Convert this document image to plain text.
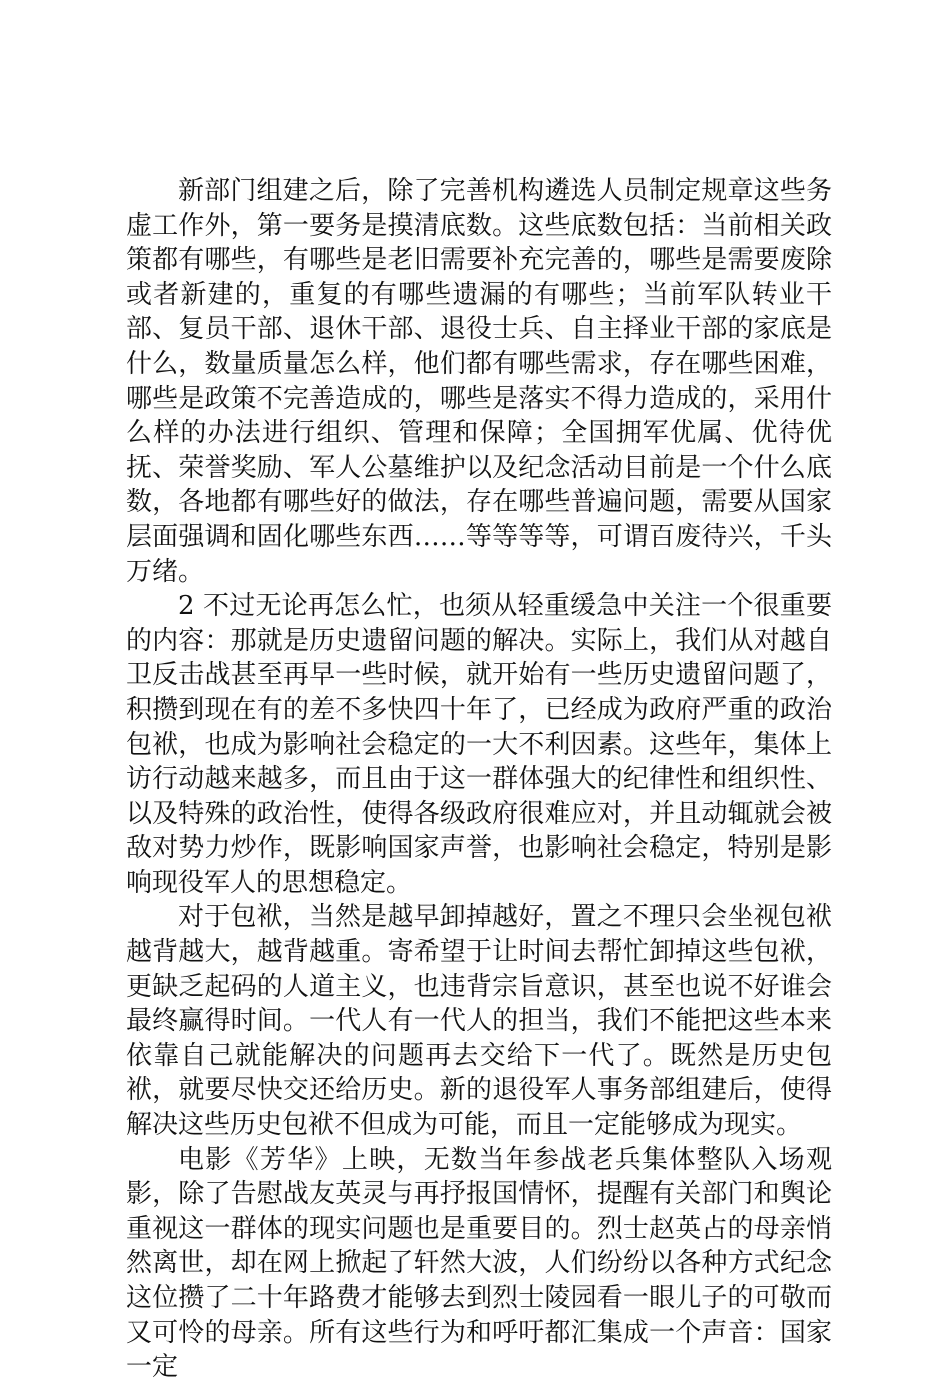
新部门组建之后，除了完善机构遴选人员制定规章这些务虚工作外，第一要务是摸清底数。这些底数包括：当前相关政策都有哪些，有哪些是老旧需要补充完善的，哪些是需要废除或者新建的，重复的有哪些遗漏的有哪些；当前军队转业干部、复员干部、退休干部、退役士兵、自主择业干部的家底是什么，数量质量怎么样，他们都有哪些需求，存在哪些困难，哪些是政策不完善造成的，哪些是落实不得力造成的，采用什么样的办法进行组织、管理和保障；全国拥军优属、优待优抚、荣誉奖励、军人公墓维护以及纪念活动目前是一个什么底数，各地都有哪些好的做法，存在哪些普遍问题，需要从国家层面强调和固化哪些东西……等等等等，可谓百废待兴，千头万绪。

2 不过无论再怎么忙，也须从轻重缓急中关注一个很重要的内容：那就是历史遗留问题的解决。实际上，我们从对越自卫反击战甚至再早一些时候，就开始有一些历史遗留问题了，积攒到现在有的差不多快四十年了，已经成为政府严重的政治包袱，也成为影响社会稳定的一大不利因素。这些年，集体上访行动越来越多，而且由于这一群体强大的纪律性和组织性、以及特殊的政治性，使得各级政府很难应对，并且动辄就会被敌对势力炒作，既影响国家声誉，也影响社会稳定，特别是影响现役军人的思想稳定。

对于包袱，当然是越早卸掉越好，置之不理只会坐视包袱越背越大，越背越重。寄希望于让时间去帮忙卸掉这些包袱，更缺乏起码的人道主义，也违背宗旨意识，甚至也说不好谁会最终赢得时间。一代人有一代人的担当，我们不能把这些本来依靠自己就能解决的问题再去交给下一代了。既然是历史包袱，就要尽快交还给历史。新的退役军人事务部组建后，使得解决这些历史包袱不但成为可能，而且一定能够成为现实。

电影《芳华》上映，无数当年参战老兵集体整队入场观影，除了告慰战友英灵与再抒报国情怀，提醒有关部门和舆论重视这一群体的现实问题也是重要目的。烈士赵英占的母亲悄然离世，却在网上掀起了轩然大波，人们纷纷以各种方式纪念这位攒了二十年路费才能够去到烈士陵园看一眼儿子的可敬而又可怜的母亲。所有这些行为和呼吁都汇集成一个声音：国家一定
